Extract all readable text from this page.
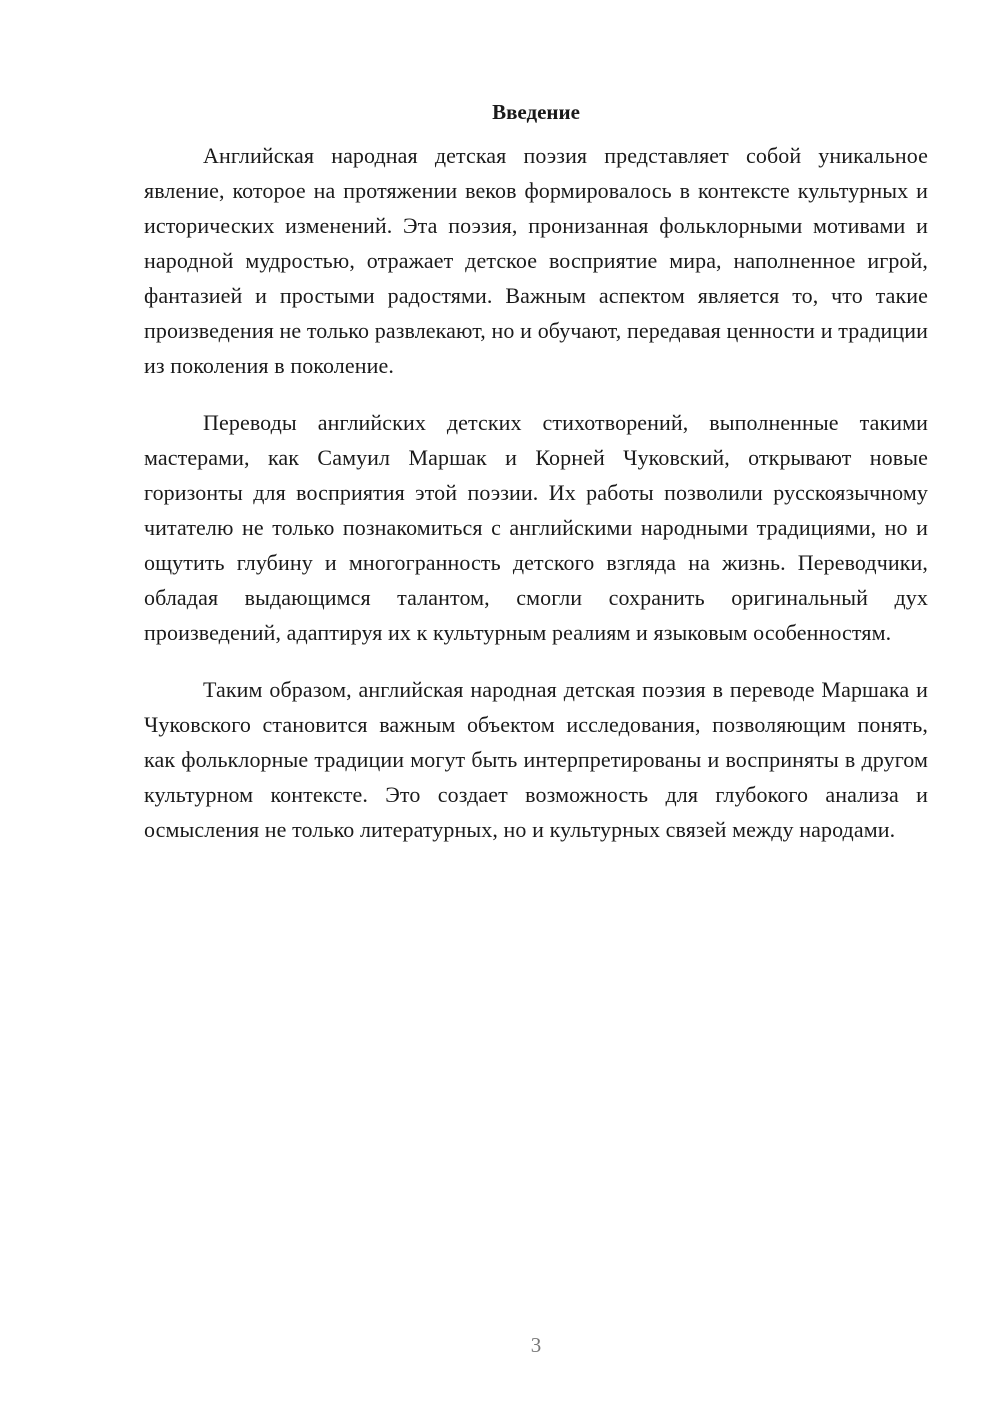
Введение

Английская народная детская поэзия представляет собой уникальное явление, которое на протяжении веков формировалось в контексте культурных и исторических изменений. Эта поэзия, пронизанная фольклорными мотивами и народной мудростью, отражает детское восприятие мира, наполненное игрой, фантазией и простыми радостями. Важным аспектом является то, что такие произведения не только развлекают, но и обучают, передавая ценности и традиции из поколения в поколение.

Переводы английских детских стихотворений, выполненные такими мастерами, как Самуил Маршак и Корней Чуковский, открывают новые горизонты для восприятия этой поэзии. Их работы позволили русскоязычному читателю не только познакомиться с английскими народными традициями, но и ощутить глубину и многогранность детского взгляда на жизнь. Переводчики, обладая выдающимся талантом, смогли сохранить оригинальный дух произведений, адаптируя их к культурным реалиям и языковым особенностям.

Таким образом, английская народная детская поэзия в переводе Маршака и Чуковского становится важным объектом исследования, позволяющим понять, как фольклорные традиции могут быть интерпретированы и восприняты в другом культурном контексте. Это создает возможность для глубокого анализа и осмысления не только литературных, но и культурных связей между народами.

3
